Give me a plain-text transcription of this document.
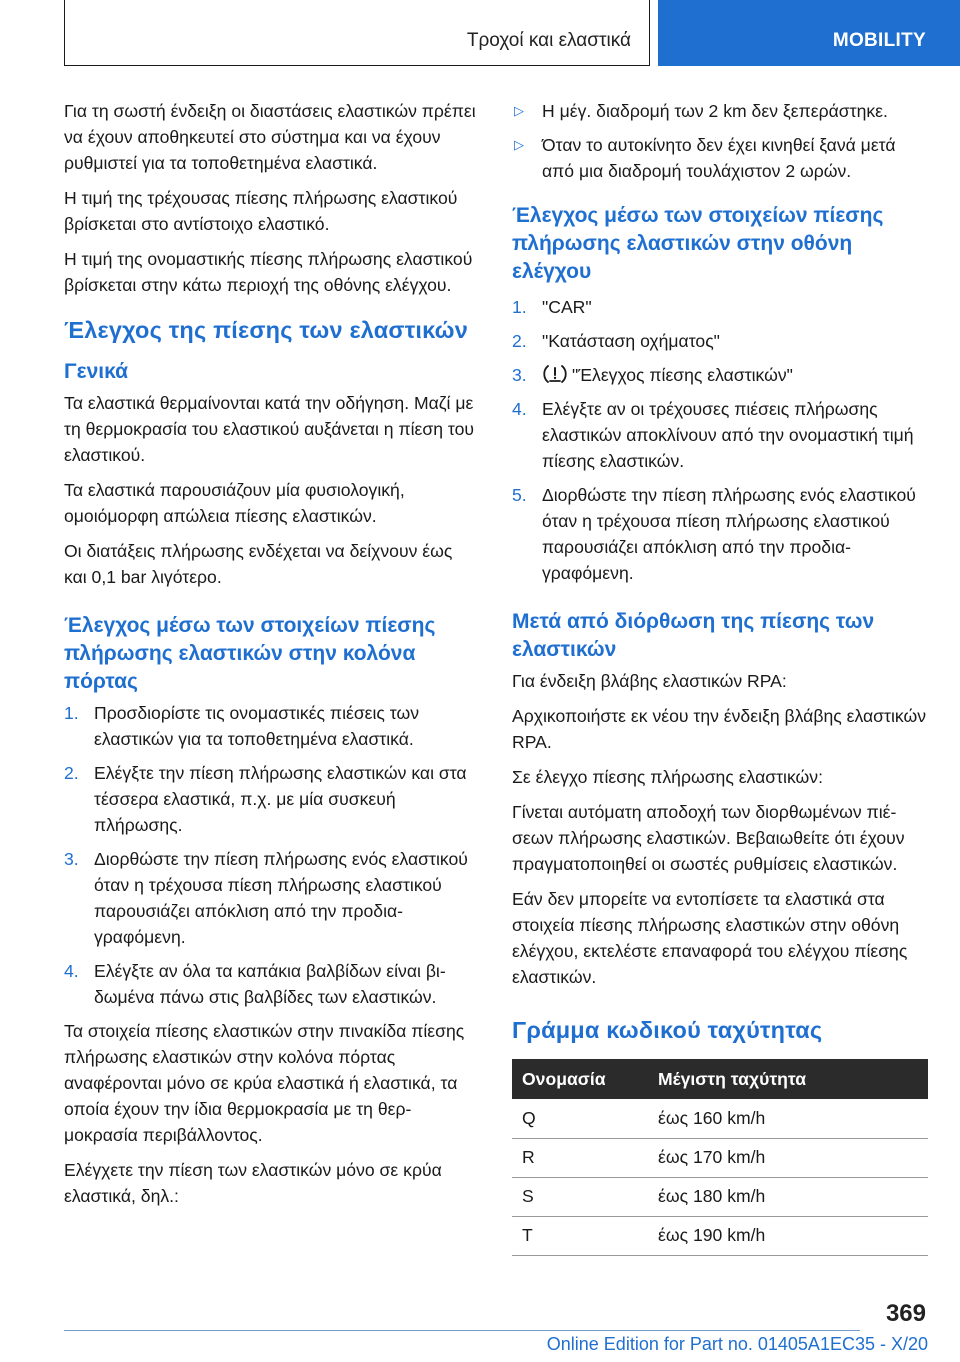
Τροχοί και ελαστικά	MOBILITY

Για τη σωστή ένδειξη οι διαστάσεις ελαστικών πρέπει να έχουν αποθηκευτεί στο σύστημα και να έχουν ρυθμιστεί για τα τοποθετημένα ελαστικά.

Η τιμή της τρέχουσας πίεσης πλήρωσης ελαστικού βρίσκεται στο αντίστοιχο ελαστικό.

Η τιμή της ονομαστικής πίεσης πλήρωσης ελαστικού βρίσκεται στην κάτω περιοχή της οθόνης ελέγχου.

Έλεγχος της πίεσης των ελαστικών
Γενικά

Τα ελαστικά θερμαίνονται κατά την οδήγηση. Μαζί με τη θερμοκρασία του ελαστικού αυξάνεται η πίεση του ελαστικού.

Τα ελαστικά παρουσιάζουν μία φυσιολογική, ομοιόμορφη απώλεια πίεσης ελαστικών.

Οι διατάξεις πλήρωσης ενδέχεται να δείχνουν έως και 0,1 bar λιγότερο.

Έλεγχος μέσω των στοιχείων πίεσης πλήρωσης ελαστικών στην κολόνα πόρτας
1. Προσδιορίστε τις ονομαστικές πιέσεις των ελαστικών για τα τοποθετημένα ελαστικά.
2. Ελέγξτε την πίεση πλήρωσης ελαστικών και στα τέσσερα ελαστικά, π.χ. με μία συσκευή πλήρωσης.
3. Διορθώστε την πίεση πλήρωσης ενός ελαστικού όταν η τρέχουσα πίεση πλήρωσης ελαστικού παρουσιάζει απόκλιση από την προδιαγραφόμενη.
4. Ελέγξτε αν όλα τα καπάκια βαλβίδων είναι βιδωμένα πάνω στις βαλβίδες των ελαστικών.

Τα στοιχεία πίεσης ελαστικών στην πινακίδα πίεσης πλήρωσης ελαστικών στην κολόνα πόρτας αναφέρονται μόνο σε κρύα ελαστικά ή ελαστικά, τα οποία έχουν την ίδια θερμοκρασία με τη θερμοκρασία περιβάλλοντος.

Ελέγχετε την πίεση των ελαστικών μόνο σε κρύα ελαστικά, δηλ.:

▷ Η μέγ. διαδρομή των 2 km δεν ξεπεράστηκε.
▷ Όταν το αυτοκίνητο δεν έχει κινηθεί ξανά μετά από μια διαδρομή τουλάχιστον 2 ωρών.
Έλεγχος μέσω των στοιχείων πίεσης πλήρωσης ελαστικών στην οθόνη ελέγχου
1. "CAR"
2. "Κατάσταση οχήματος"
3.	"Έλεγχος πίεσης ελαστικών"
4. Ελέγξτε αν οι τρέχουσες πιέσεις πλήρωσης ελαστικών αποκλίνουν από την ονομαστική τιμή πίεσης ελαστικών.
5. Διορθώστε την πίεση πλήρωσης ενός ελαστικού όταν η τρέχουσα πίεση πλήρωσης ελαστικού παρουσιάζει απόκλιση από την προδιαγραφόμενη.
Μετά από διόρθωση της πίεσης των ελαστικών

Για ένδειξη βλάβης ελαστικών RPA:

Αρχικοποιήστε εκ νέου την ένδειξη βλάβης ελαστικών RPA.

Σε έλεγχο πίεσης πλήρωσης ελαστικών:

Γίνεται αυτόματη αποδοχή των διορθωμένων πιέσεων πλήρωσης ελαστικών. Βεβαιωθείτε ότι έχουν πραγματοποιηθεί οι σωστές ρυθμίσεις ελαστικών.

Εάν δεν μπορείτε να εντοπίσετε τα ελαστικά στα στοιχεία πίεσης πλήρωσης ελαστικών στην οθόνη ελέγχου, εκτελέστε επαναφορά του ελέγχου πίεσης ελαστικών.

Γράμμα κωδικού ταχύτητας
Ονομασία	Μέγιστη ταχύτητα
Q	έως 160 km/h
R	έως 170 km/h
S	έως 180 km/h
T	έως 190 km/h
369
Online Edition for Part no. 01405A1EC35 - X/20
